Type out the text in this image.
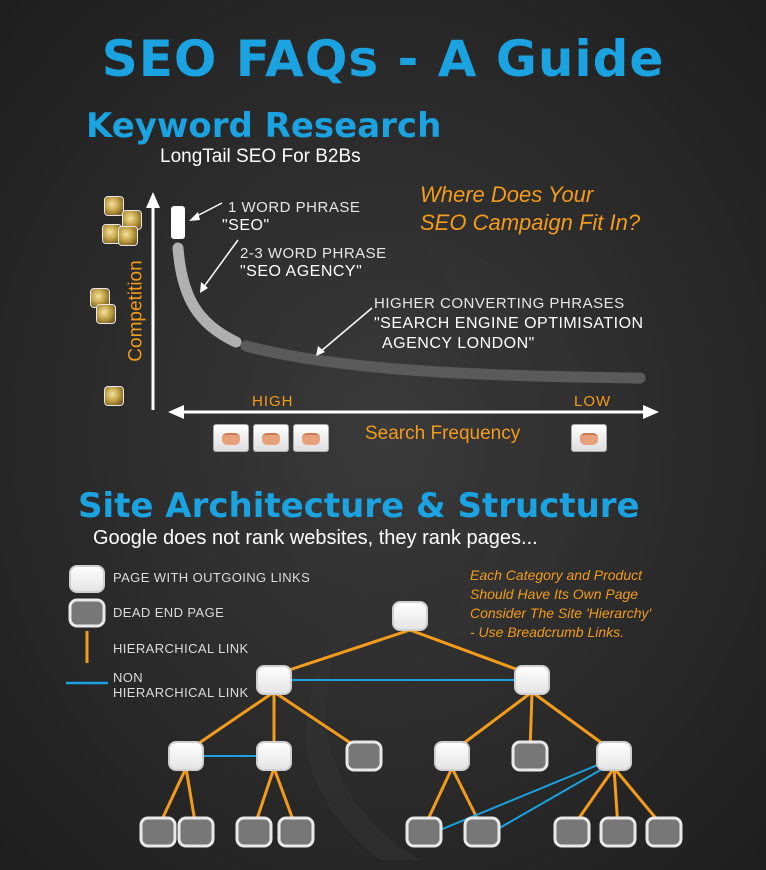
SEO FAQs - A Guide
Keyword Research
LongTail SEO For B2Bs
Where Does Your
SEO Campaign Fit In?
Competition
1 WORD PHRASE
"SEO"
2-3 WORD PHRASE
"SEO AGENCY"
HIGHER CONVERTING PHRASES
"SEARCH ENGINE OPTIMISATION
AGENCY LONDON"
HIGH	LOW
Search Frequency
Site Architecture & Structure
Google does not rank websites, they rank pages...
Each Category and Product
Should Have Its Own Page
Consider The Site 'Hierarchy'
- Use Breadcrumb Links.
PAGE WITH OUTGOING LINKS
DEAD END PAGE
HIERARCHICAL LINK
NON
HIERARCHICAL LINK
